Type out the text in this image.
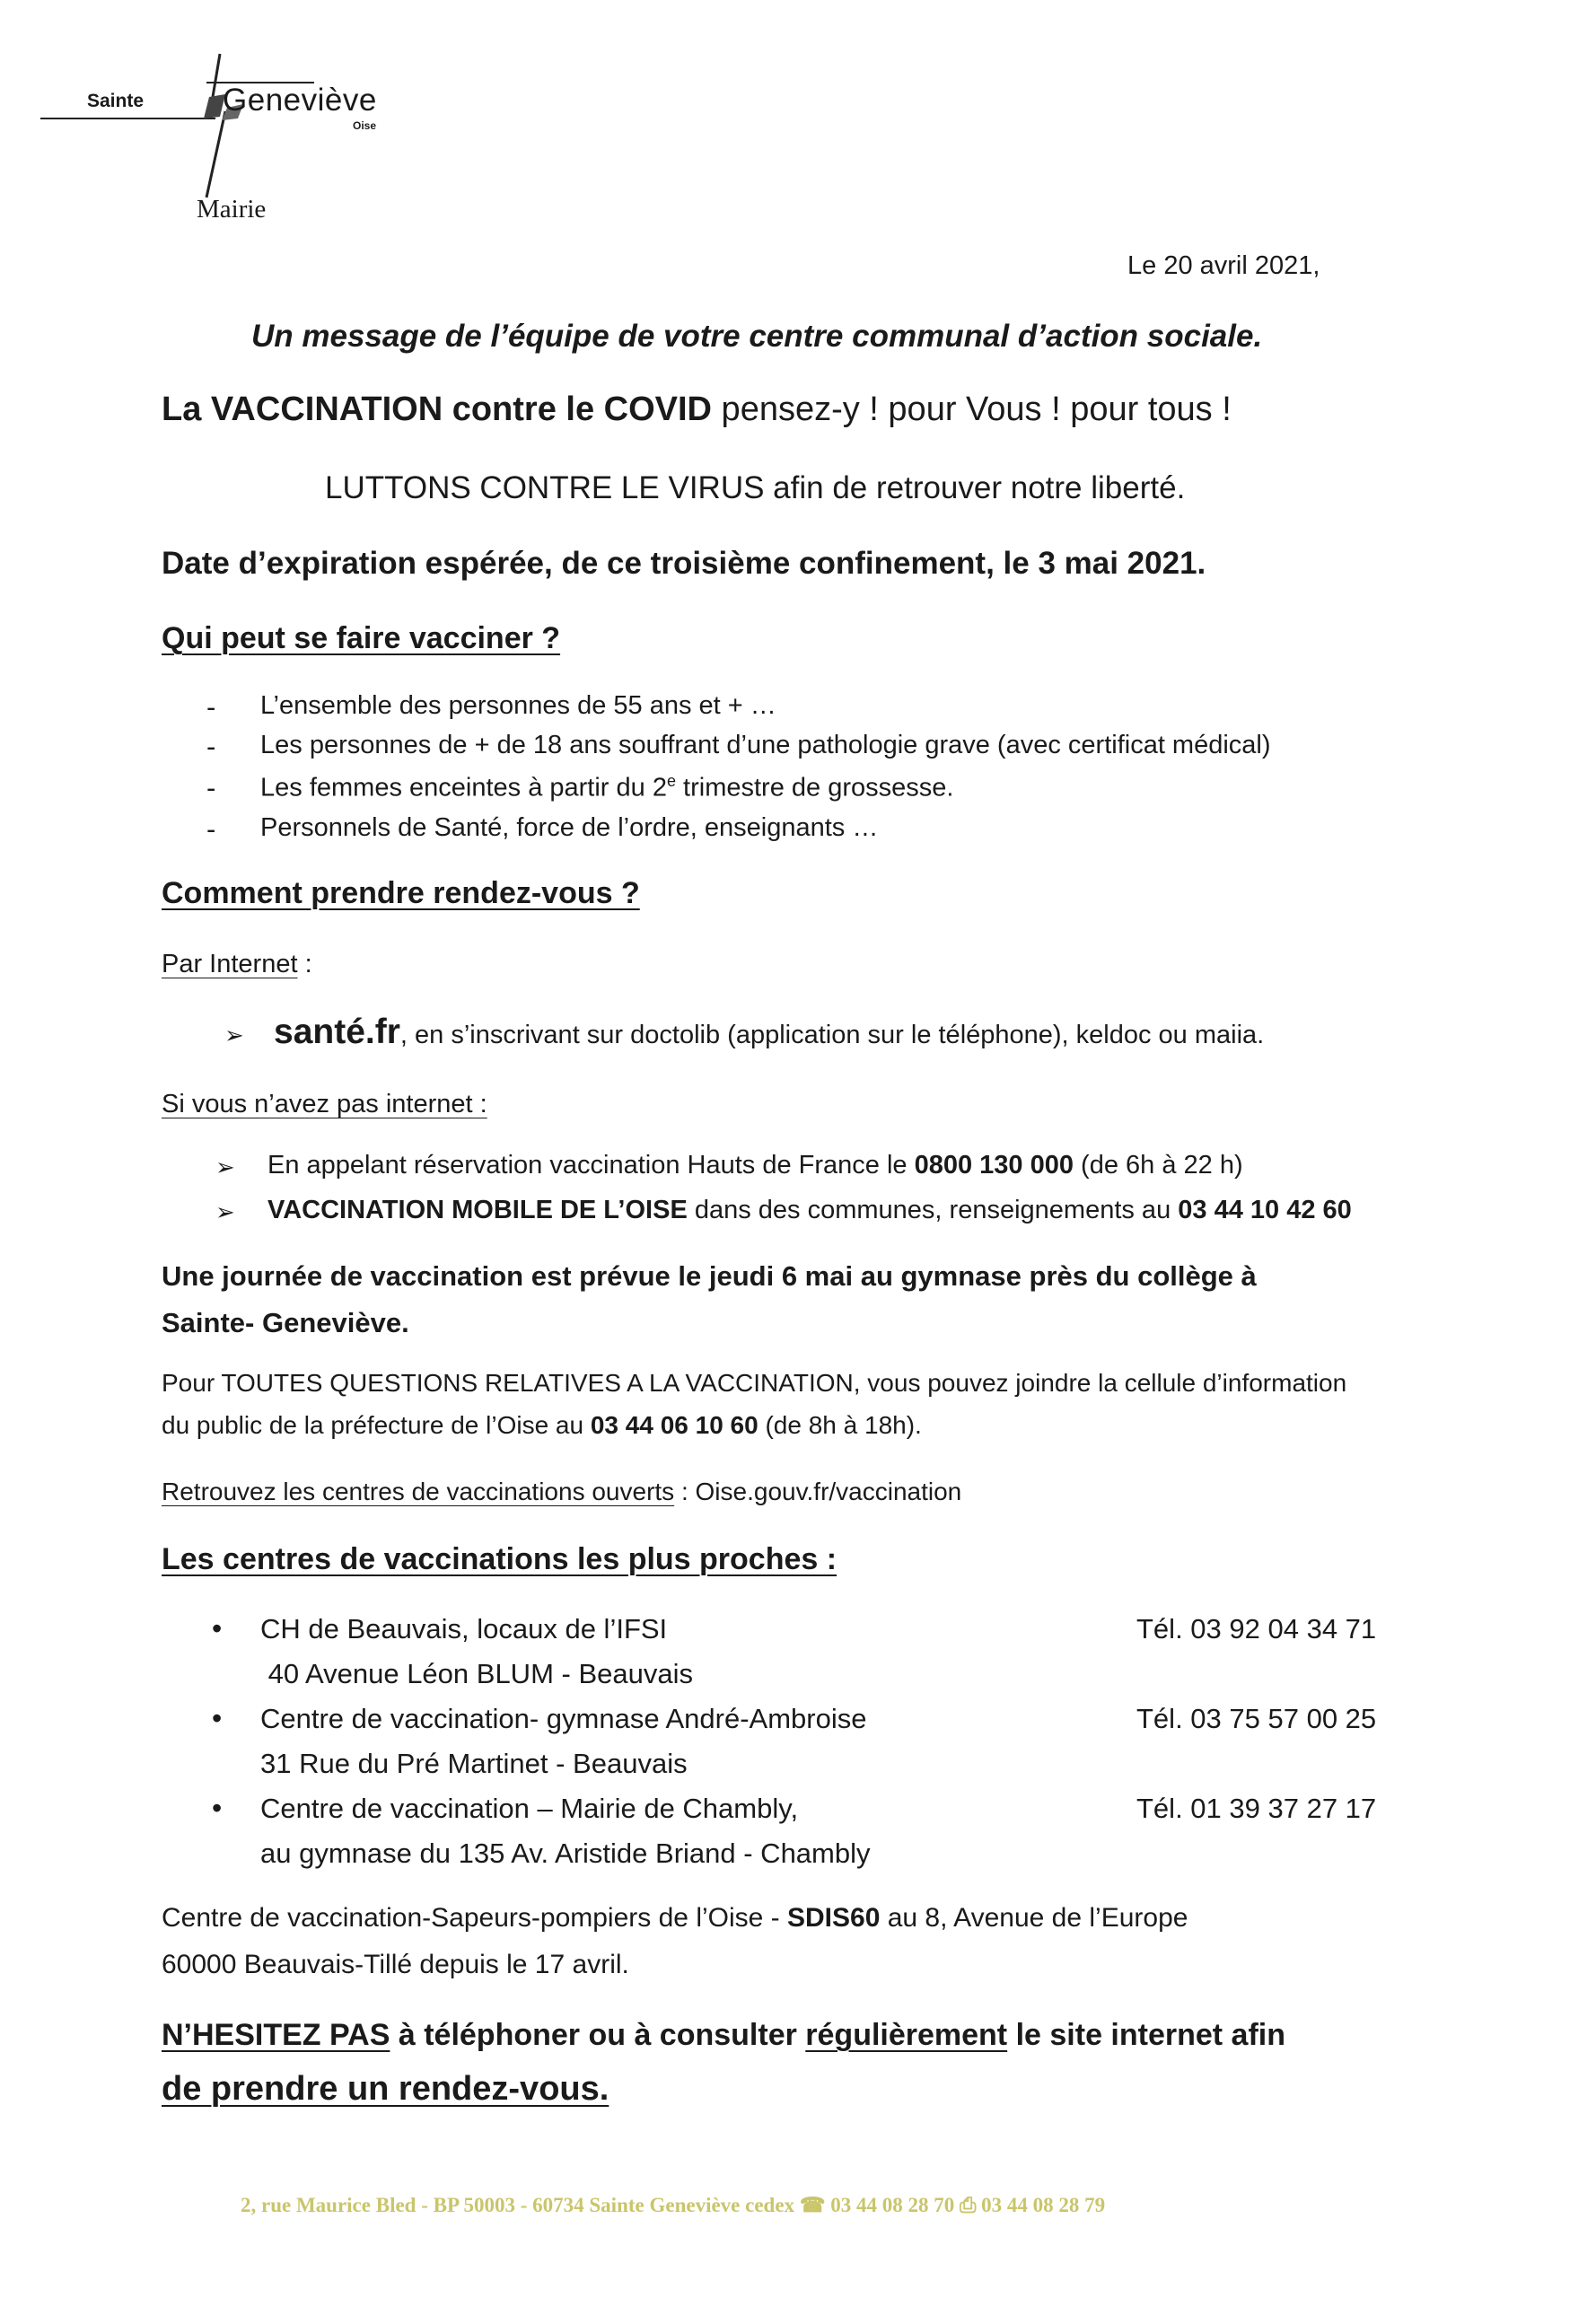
Sainte	Geneviève
Oise
Mairie
Le 20 avril 2021,
Un message de l’équipe de votre centre communal d’action sociale.
La VACCINATION contre le COVID pensez-y ! pour Vous ! pour tous !
LUTTONS CONTRE LE VIRUS afin de retrouver notre liberté.
Date d’expiration espérée, de ce troisième confinement, le 3 mai 2021.
Qui peut se faire vacciner ?
- L’ensemble des personnes de 55 ans et + …
- Les personnes de + de 18 ans souffrant d’une pathologie grave (avec certificat médical)
- Les femmes enceintes à partir du 2e trimestre de grossesse.
- Personnels de Santé, force de l’ordre, enseignants …
Comment prendre rendez-vous ?
Par Internet :
➢ santé.fr, en s’inscrivant sur doctolib (application sur le téléphone), keldoc ou maiia.
Si vous n’avez pas internet :
➢ En appelant réservation vaccination Hauts de France le 0800 130 000 (de 6h à 22 h)
➢ VACCINATION MOBILE DE L’OISE dans des communes, renseignements au 03 44 10 42 60
Une journée de vaccination est prévue le jeudi 6 mai au gymnase près du collège à
Sainte- Geneviève.
Pour TOUTES QUESTIONS RELATIVES A LA VACCINATION, vous pouvez joindre la cellule d’information
du public de la préfecture de l’Oise au 03 44 06 10 60 (de 8h à 18h).
Retrouvez les centres de vaccinations ouverts : Oise.gouv.fr/vaccination
Les centres de vaccinations les plus proches :
• CH de Beauvais, locaux de l’IFSI
40 Avenue Léon BLUM - Beauvais
Tél. 03 92 04 34 71
• Centre de vaccination- gymnase André-Ambroise
31 Rue du Pré Martinet - Beauvais
Tél. 03 75 57 00 25
• Centre de vaccination – Mairie de Chambly,
au gymnase du 135 Av. Aristide Briand - Chambly
Tél. 01 39 37 27 17
Centre de vaccination-Sapeurs-pompiers de l’Oise - SDIS60 au 8, Avenue de l’Europe
60000 Beauvais-Tillé depuis le 17 avril.
N’HESITEZ PAS à téléphoner ou à consulter régulièrement le site internet afin
de prendre un rendez-vous.
2, rue Maurice Bled - BP 50003 - 60734 Sainte Geneviève cedex ☎ 03 44 08 28 70 ⎙ 03 44 08 28 79
